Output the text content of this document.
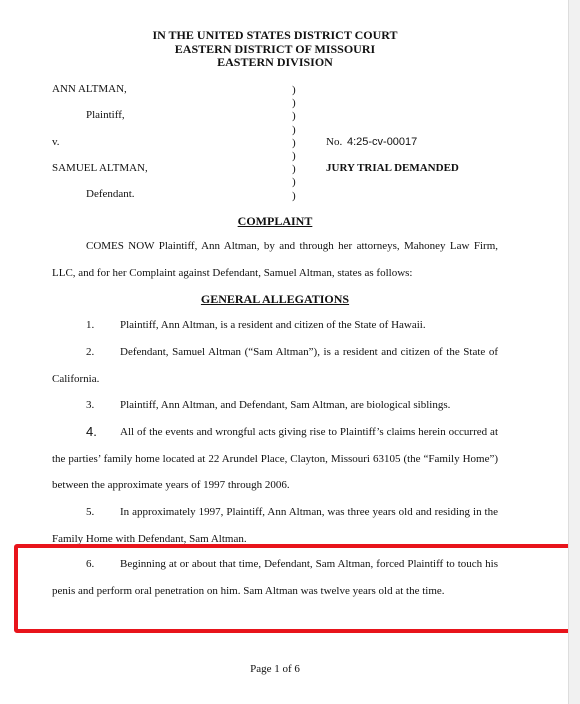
IN THE UNITED STATES DISTRICT COURT
EASTERN DISTRICT OF MISSOURI
EASTERN DIVISION
ANN ALTMAN,
Plaintiff,
v.
SAMUEL ALTMAN,
Defendant.
)
)
)
)
)
)
)
)
)
No. 4:25-cv-00017
JURY TRIAL DEMANDED
COMPLAINT

COMES NOW Plaintiff, Ann Altman, by and through her attorneys, Mahoney Law Firm, LLC, and for her Complaint against Defendant, Samuel Altman, states as follows:

GENERAL ALLEGATIONS
1.	Plaintiff, Ann Altman, is a resident and citizen of the State of Hawaii.
2.	Defendant, Samuel Altman (“Sam Altman”), is a resident and citizen of the State of California.
3.	Plaintiff, Ann Altman, and Defendant, Sam Altman, are biological siblings.
4.	All of the events and wrongful acts giving rise to Plaintiff’s claims herein occurred at the parties’ family home located at 22 Arundel Place, Clayton, Missouri 63105 (the “Family Home”) between the approximate years of 1997 through 2006.
5.	In approximately 1997, Plaintiff, Ann Altman, was three years old and residing in the Family Home with Defendant, Sam Altman.
6.	Beginning at or about that time, Defendant, Sam Altman, forced Plaintiff to touch his penis and perform oral penetration on him. Sam Altman was twelve years old at the time.
Page 1 of 6
